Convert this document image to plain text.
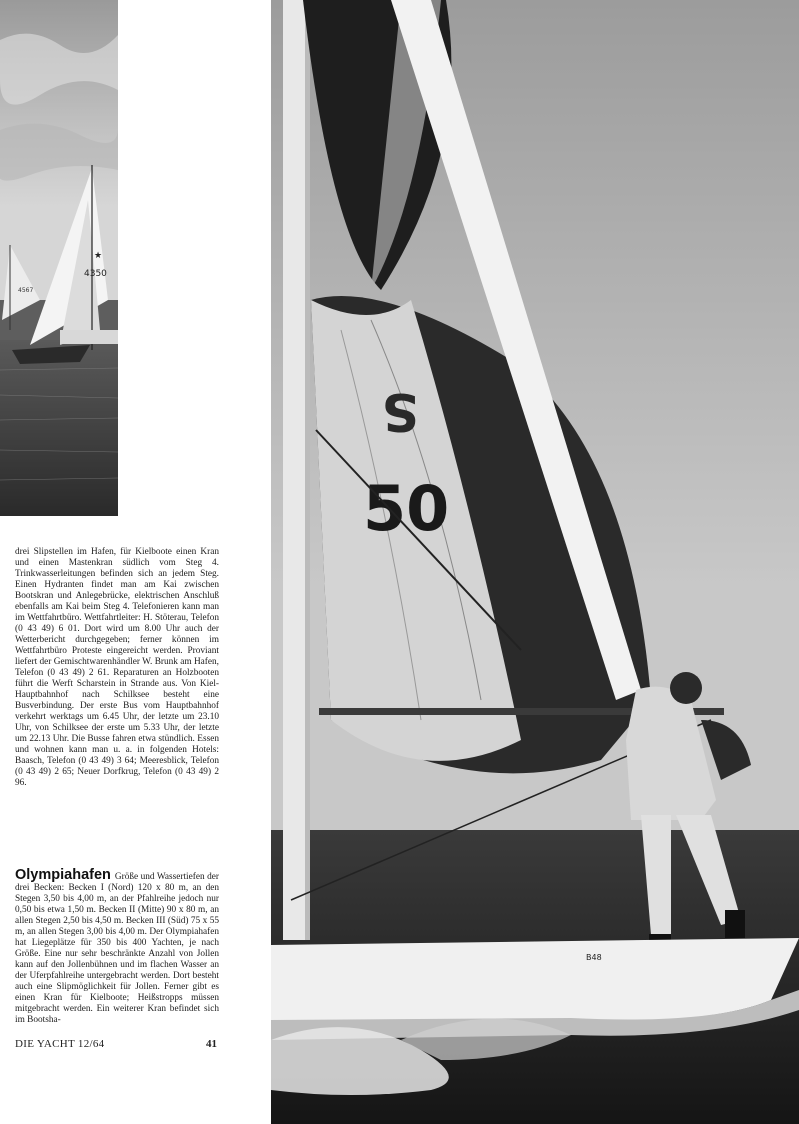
4567
★
4350
50
S
B48
drei Slipstellen im Hafen, für Kielboote einen Kran und einen Mastenkran südlich vom Steg 4. Trinkwasserleitungen befinden sich an jedem Steg. Einen Hydranten findet man am Kai zwischen Bootskran und Anlegebrücke, elektrischen Anschluß ebenfalls am Kai beim Steg 4. Telefonieren kann man im Wettfahrtbüro. Wettfahrtleiter: H. Stöterau, Telefon (0 43 49) 6 01. Dort wird um 8.00 Uhr auch der Wetterbericht durchgegeben; ferner können im Wettfahrtbüro Proteste eingereicht werden. Proviant liefert der Gemischtwarenhändler W. Brunk am Hafen, Telefon (0 43 49) 2 61. Reparaturen an Holzbooten führt die Werft Scharstein in Strande aus. Von Kiel-Hauptbahnhof nach Schilksee besteht eine Busverbindung. Der erste Bus vom Hauptbahnhof verkehrt werktags um 6.45 Uhr, der letzte um 23.10 Uhr, von Schilksee der erste um 5.33 Uhr, der letzte um 22.13 Uhr. Die Busse fahren etwa stündlich. Essen und wohnen kann man u. a. in folgenden Hotels: Baasch, Telefon (0 43 49) 3 64; Meeresblick, Telefon (0 43 49) 2 65; Neuer Dorfkrug, Telefon (0 43 49) 2 96.
Olympiahafen Größe und Wassertiefen der drei Becken: Becken I (Nord) 120 x 80 m, an den Stegen 3,50 bis 4,00 m, an der Pfahlreihe jedoch nur 0,50 bis etwa 1,50 m. Becken II (Mitte) 90 x 80 m, an allen Stegen 2,50 bis 4,50 m. Becken III (Süd) 75 x 55 m, an allen Stegen 3,00 bis 4,00 m. Der Olympiahafen hat Liegeplätze für 350 bis 400 Yachten, je nach Größe. Eine nur sehr beschränkte Anzahl von Jollen kann auf den Jollenbühnen und im flachen Wasser an der Uferpfahlreihe untergebracht werden. Dort besteht auch eine Slipmöglichkeit für Jollen. Ferner gibt es einen Kran für Kielboote; Heißstropps müssen mitgebracht werden. Ein weiterer Kran befindet sich im Bootsha-
DIE YACHT 12/64	41
